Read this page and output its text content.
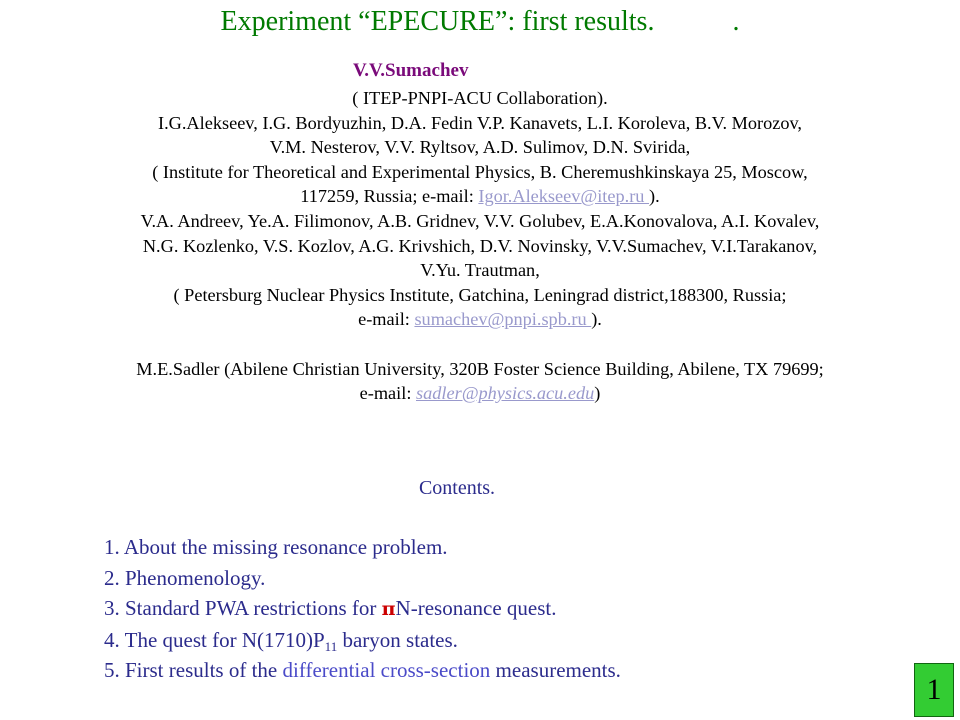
Experiment “EPECURE”: first results.	.
V.V.Sumachev
( ITEP-PNPI-ACU Collaboration).
I.G.Alekseev, I.G. Bordyuzhin, D.A. Fedin V.P. Kanavets, L.I. Koroleva, B.V. Morozov,
V.M. Nesterov, V.V. Ryltsov, A.D. Sulimov, D.N. Svirida,
( Institute for Theoretical and Experimental Physics, B. Cheremushkinskaya 25, Moscow,
117259, Russia; e-mail: Igor.Alekseev@itep.ru ).
V.A. Andreev, Ye.A. Filimonov, A.B. Gridnev, V.V. Golubev, E.A.Konovalova, A.I. Kovalev,
N.G. Kozlenko, V.S. Kozlov, A.G. Krivshich, D.V. Novinsky, V.V.Sumachev, V.I.Tarakanov,
V.Yu. Trautman,
( Petersburg Nuclear Physics Institute, Gatchina, Leningrad district,188300, Russia;
e-mail: sumachev@pnpi.spb.ru ).
M.E.Sadler (Abilene Christian University, 320B Foster Science Building, Abilene, TX 79699;
e-mail: sadler@physics.acu.edu)
Contents.
1. About the missing resonance problem.
2. Phenomenology.
3. Standard PWA restrictions for πN-resonance quest.
4. The quest for $N(1710)P_{11}$ baryon states.
5. First results of the differential cross-section measurements.
1
